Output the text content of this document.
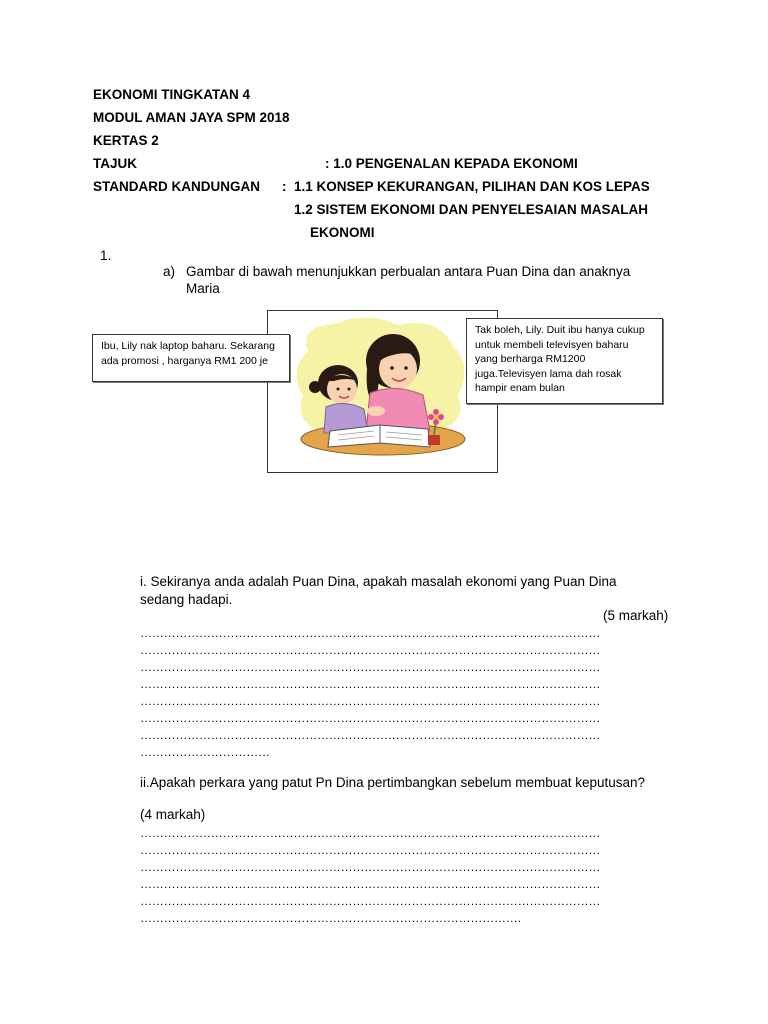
EKONOMI TINGKATAN 4
MODUL AMAN JAYA SPM 2018
KERTAS 2
TAJUK	: 1.0 PENGENALAN KEPADA EKONOMI
STANDARD KANDUNGAN : 1.1 KONSEP KEKURANGAN, PILIHAN DAN KOS LEPAS
1.2 SISTEM EKONOMI DAN PENYELESAIAN MASALAH
EKONOMI
1.
a) Gambar di bawah menunjukkan perbualan antara Puan Dina dan anaknya
Maria
Ibu, Lily nak laptop baharu. Sekarang
ada promosi , harganya RM1 200 je
Tak boleh, Lily. Duit ibu hanya cukup
untuk membeli televisyen baharu
yang berharga RM1200
juga.Televisyen lama dah rosak
hampir enam bulan
i. Sekiranya anda adalah Puan Dina, apakah masalah ekonomi yang Puan Dina
sedang hadapi.
(5 markah)
………………………………………………………………………………………………………
………………………………………………………………………………………………………
………………………………………………………………………………………………………
………………………………………………………………………………………………………
………………………………………………………………………………………………………
………………………………………………………………………………………………………
………………………………………………………………………………………………………
……………………………
ii.Apakah perkara yang patut Pn Dina pertimbangkan sebelum membuat keputusan?
(4 markah)
………………………………………………………………………………………………………
………………………………………………………………………………………………………
………………………………………………………………………………………………………
………………………………………………………………………………………………………
………………………………………………………………………………………………………
…………………………………………………………………………………….
